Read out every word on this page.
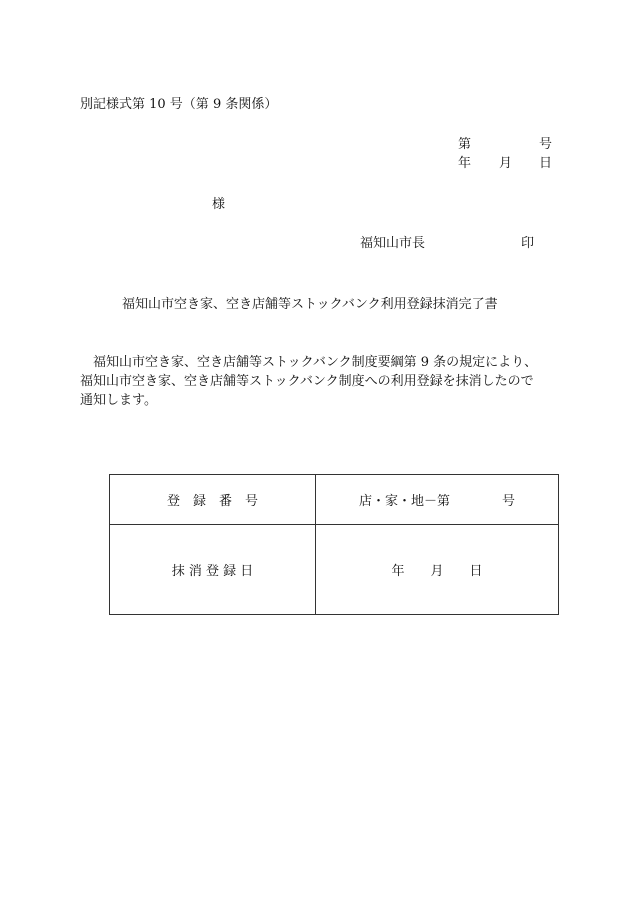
別記様式第 10 号（第 9 条関係）
第	号
年 月 日
様
福知山市長	印
福知山市空き家、空き店舗等ストックバンク利用登録抹消完了書
福知山市空き家、空き店舗等ストックバンク制度要綱第 9 条の規定により、
福知山市空き家、空き店舗等ストックバンク制度への利用登録を抹消したので
通知します。
登　録　番　号	店・家・地－第　　　　号
抹 消 登 録 日	年　　月　　日
